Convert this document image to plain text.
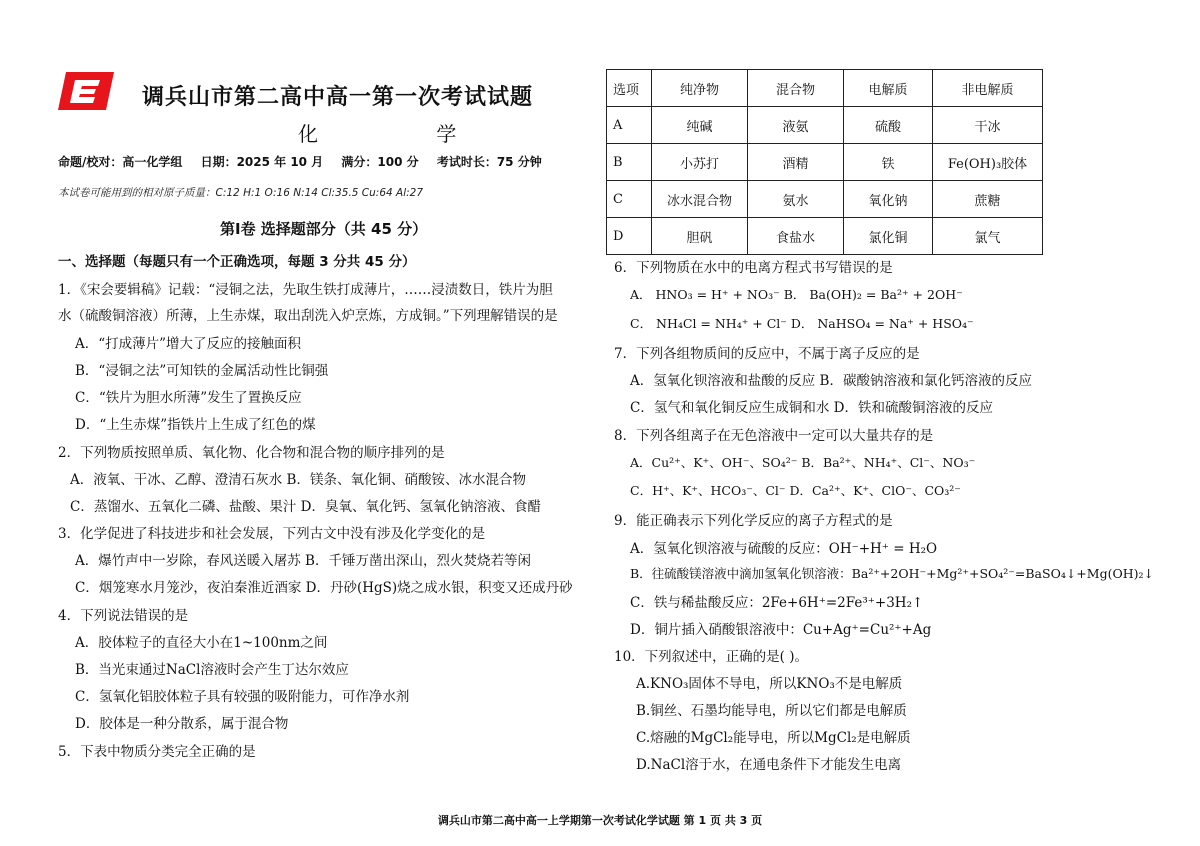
调兵山市第二高中高一第一次考试试题
化 学
命题/校对：高一化学组 日期：2025 年 10 月 满分：100 分 考试时长：75 分钟
本试卷可能用到的相对原子质量：C:12 H:1 O:16 N:14 Cl:35.5 Cu:64 Al:27
第Ⅰ卷 选择题部分（共 45 分）
一、选择题（每题只有一个正确选项，每题 3 分共 45 分）
1．《宋会要辑稿》记载：“浸铜之法，先取生铁打成薄片，……浸渍数日，铁片为胆
水（硫酸铜溶液）所薄，上生赤煤，取出刮洗入炉烹炼，方成铜。”下列理解错误的是
A．“打成薄片”增大了反应的接触面积
B．“浸铜之法”可知铁的金属活动性比铜强
C．“铁片为胆水所薄”发生了置换反应
D．“上生赤煤”指铁片上生成了红色的煤
2．下列物质按照单质、氧化物、化合物和混合物的顺序排列的是
A．液氧、干冰、乙醇、澄清石灰水 B．镁条、氧化铜、硝酸铵、冰水混合物
C．蒸馏水、五氧化二磷、盐酸、果汁 D．臭氧、氧化钙、氢氧化钠溶液、食醋
3．化学促进了科技进步和社会发展，下列古文中没有涉及化学变化的是
A．爆竹声中一岁除，春风送暖入屠苏 B．千锤万凿出深山，烈火焚烧若等闲
C．烟笼寒水月笼沙，夜泊秦淮近酒家 D．丹砂(HgS)烧之成水银，积变又还成丹砂
4．下列说法错误的是
A．胶体粒子的直径大小在1~100nm之间
B．当光束通过NaCl溶液时会产生丁达尔效应
C．氢氧化铝胶体粒子具有较强的吸附能力，可作净水剂
D．胶体是一种分散系，属于混合物
5．下表中物质分类完全正确的是
选项	纯净物	混合物	电解质	非电解质
A	纯碱	液氨	硫酸	干冰
B	小苏打	酒精	铁	Fe(OH)₃胶体
C	冰水混合物	氨水	氧化钠	蔗糖
D	胆矾	食盐水	氯化铜	氯气
6．下列物质在水中的电离方程式书写错误的是
A． HNO₃ = H⁺ + NO₃⁻ B． Ba(OH)₂ = Ba²⁺ + 2OH⁻
C． NH₄Cl = NH₄⁺ + Cl⁻ D． NaHSO₄ = Na⁺ + HSO₄⁻
7．下列各组物质间的反应中，不属于离子反应的是
A．氢氧化钡溶液和盐酸的反应 B．碳酸钠溶液和氯化钙溶液的反应
C．氢气和氧化铜反应生成铜和水 D．铁和硫酸铜溶液的反应
8．下列各组离子在无色溶液中一定可以大量共存的是
A．Cu²⁺、K⁺、OH⁻、SO₄²⁻ B．Ba²⁺、NH₄⁺、Cl⁻、NO₃⁻
C．H⁺、K⁺、HCO₃⁻、Cl⁻ D．Ca²⁺、K⁺、ClO⁻、CO₃²⁻
9．能正确表示下列化学反应的离子方程式的是
A．氢氧化钡溶液与硫酸的反应：OH⁻+H⁺ = H₂O
B．往硫酸镁溶液中滴加氢氧化钡溶液：Ba²⁺+2OH⁻+Mg²⁺+SO₄²⁻=BaSO₄↓+Mg(OH)₂↓
C．铁与稀盐酸反应：2Fe+6H⁺=2Fe³⁺+3H₂↑
D．铜片插入硝酸银溶液中：Cu+Ag⁺=Cu²⁺+Ag
10．下列叙述中，正确的是( )。
A.KNO₃固体不导电，所以KNO₃不是电解质
B.铜丝、石墨均能导电，所以它们都是电解质
C.熔融的MgCl₂能导电，所以MgCl₂是电解质
D.NaCl溶于水，在通电条件下才能发生电离
调兵山市第二高中高一上学期第一次考试化学试题 第 1 页 共 3 页
